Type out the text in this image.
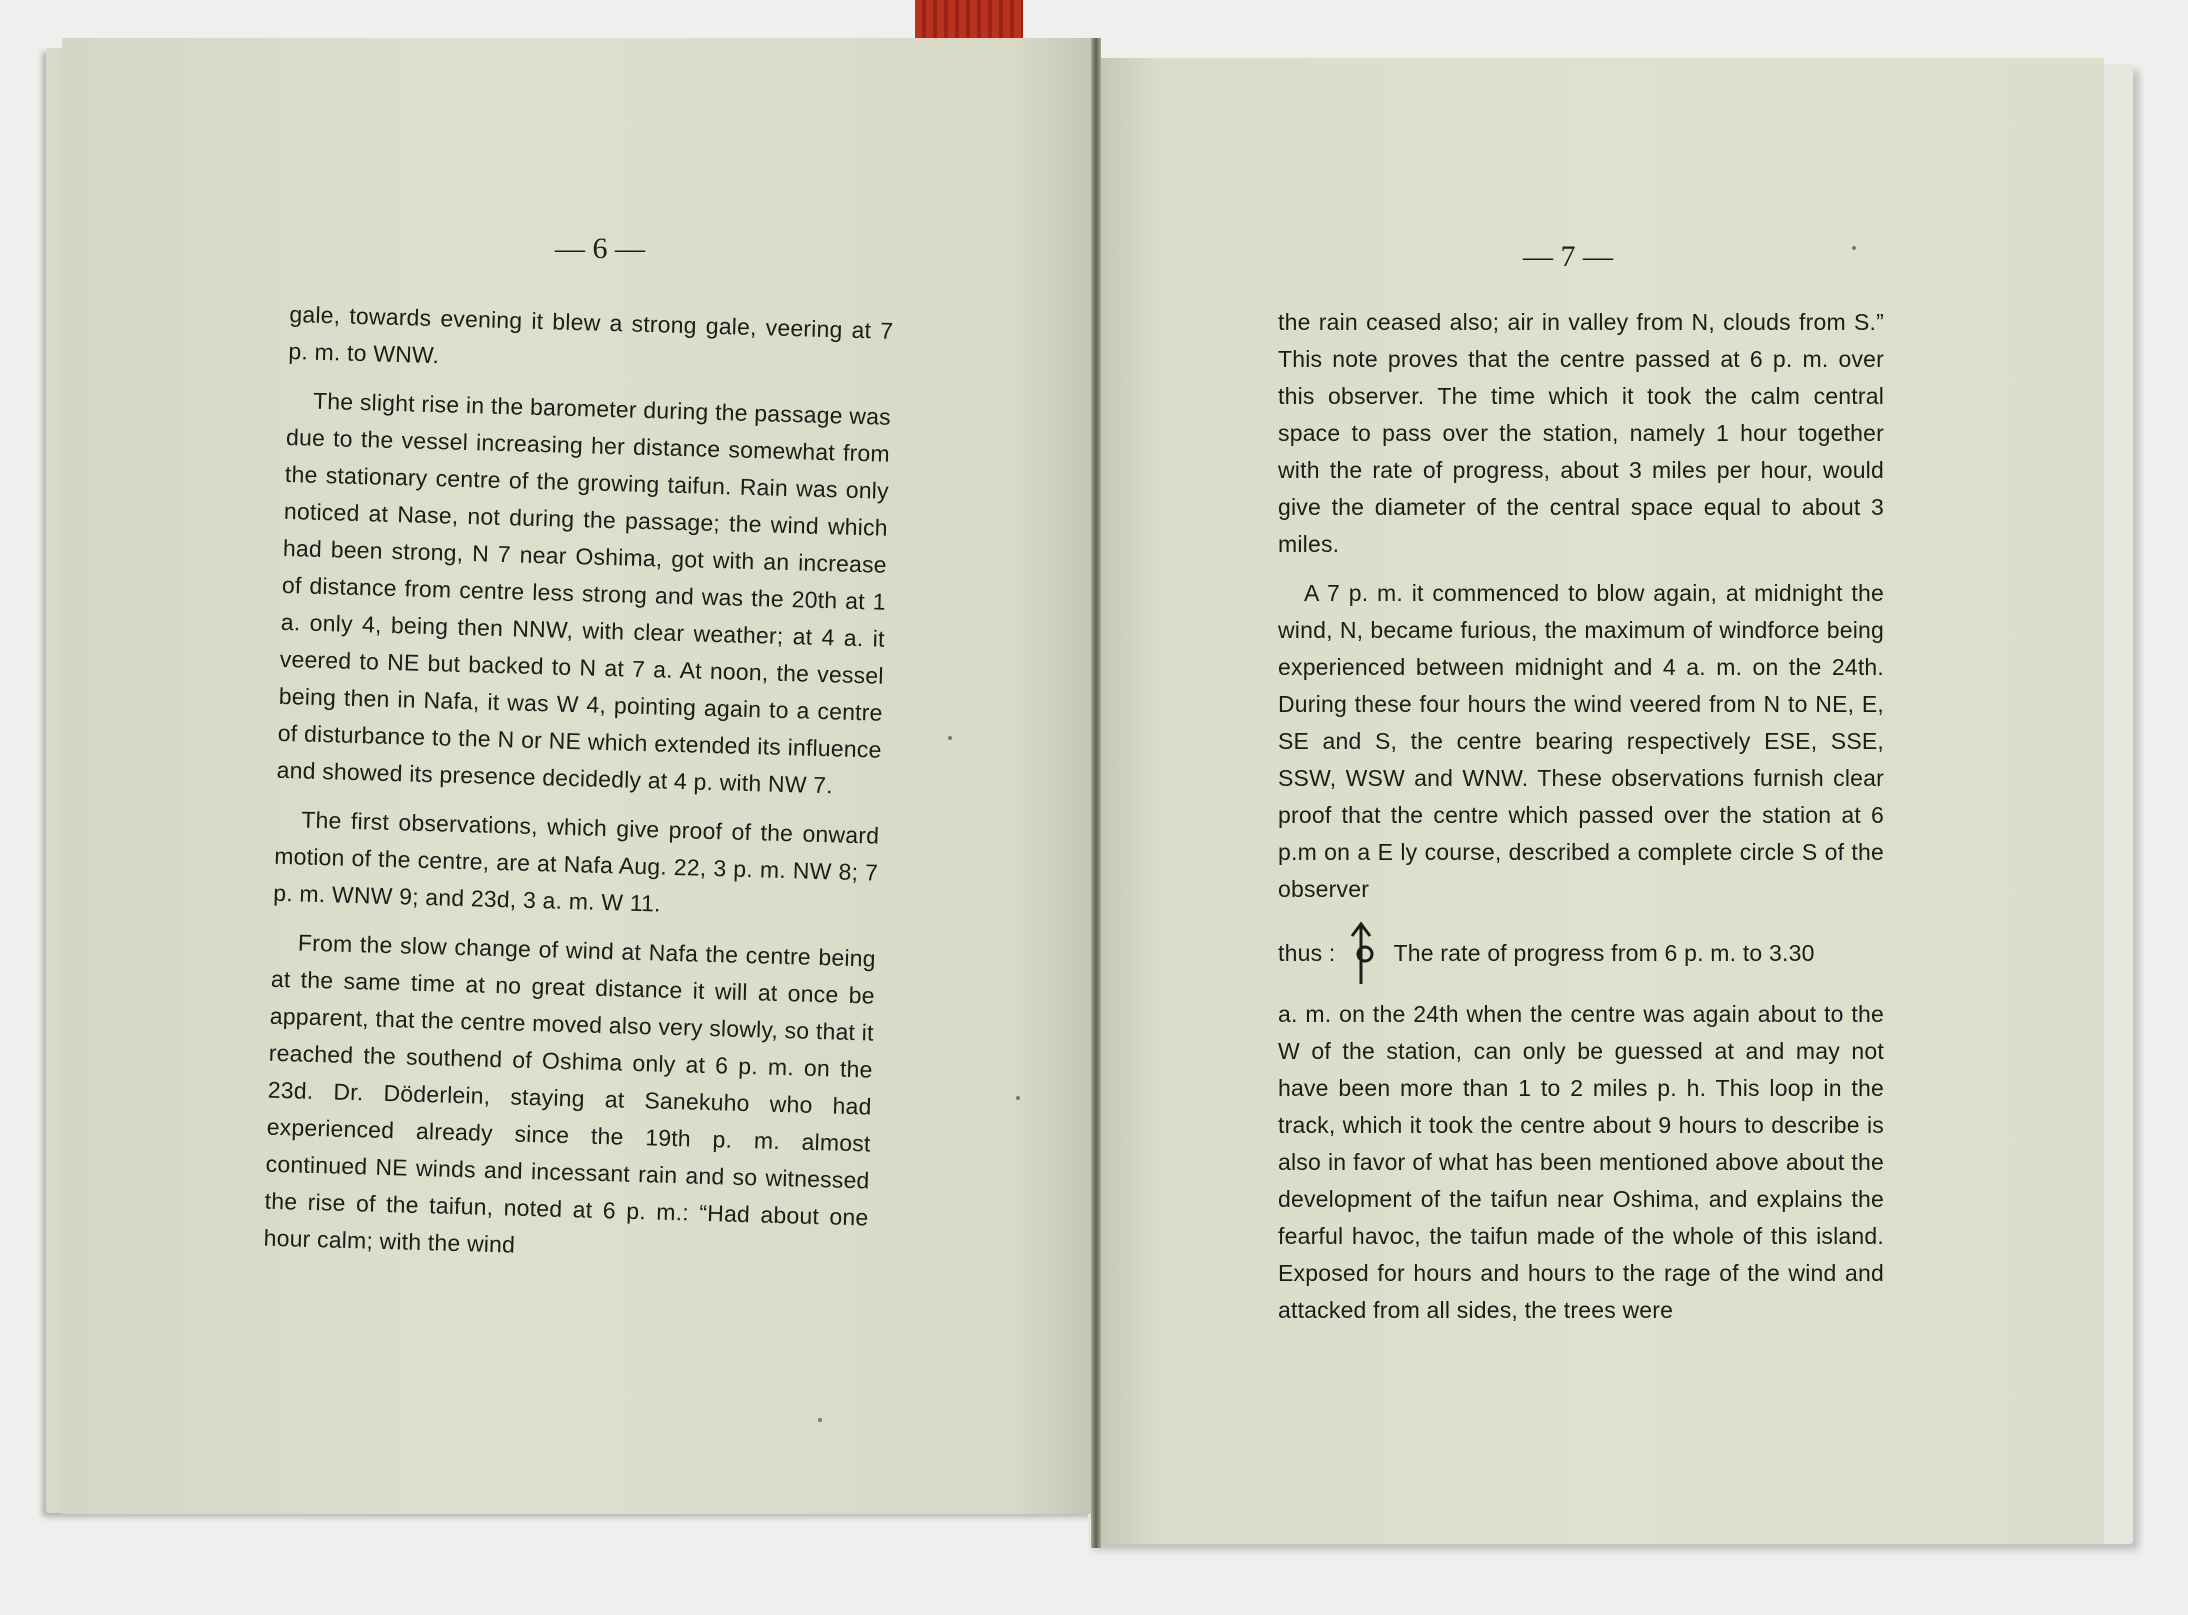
— 6 —	— 7 —

gale, towards evening it blew a strong gale, veering at 7 p. m. to WNW.

The slight rise in the barometer during the passage was due to the vessel increasing her distance somewhat from the stationary centre of the growing taifun. Rain was only noticed at Nase, not during the passage; the wind which had been strong, N 7 near Oshima, got with an increase of distance from centre less strong and was the 20th at 1 a. only 4, being then NNW, with clear weather; at 4 a. it veered to NE but backed to N at 7 a. At noon, the vessel being then in Nafa, it was W 4, pointing again to a centre of disturbance to the N or NE which extended its influence and showed its presence decidedly at 4 p. with NW 7.

The first observations, which give proof of the onward motion of the centre, are at Nafa Aug. 22, 3 p. m. NW 8; 7 p. m. WNW 9; and 23d, 3 a. m. W 11.

From the slow change of wind at Nafa the centre being at the same time at no great distance it will at once be apparent, that the centre moved also very slowly, so that it reached the southend of Oshima only at 6 p. m. on the 23d. Dr. Döderlein, staying at Sanekuho who had experienced already since the 19th p. m. almost continued NE winds and incessant rain and so witnessed the rise of the taifun, noted at 6 p. m.: “Had about one hour calm; with the wind

the rain ceased also; air in valley from N, clouds from S.” This note proves that the centre passed at 6 p. m. over this observer. The time which it took the calm central space to pass over the station, namely 1 hour together with the rate of progress, about 3 miles per hour, would give the diameter of the central space equal to about 3 miles.

A 7 p. m. it commenced to blow again, at midnight the wind, N, became furious, the maximum of windforce being experienced between midnight and 4 a. m. on the 24th. During these four hours the wind veered from N to NE, E, SE and S, the centre bearing respectively ESE, SSE, SSW, WSW and WNW. These observations furnish clear proof that the centre which passed over the station at 6 p.m on a E ly course, described a complete circle S of the observer

thus :	The rate of progress from 6 p. m. to 3.30

a. m. on the 24th when the centre was again about to the W of the station, can only be guessed at and may not have been more than 1 to 2 miles p. h. This loop in the track, which it took the centre about 9 hours to describe is also in favor of what has been mentioned above about the development of the taifun near Oshima, and explains the fearful havoc, the taifun made of the whole of this island. Exposed for hours and hours to the rage of the wind and attacked from all sides, the trees were
